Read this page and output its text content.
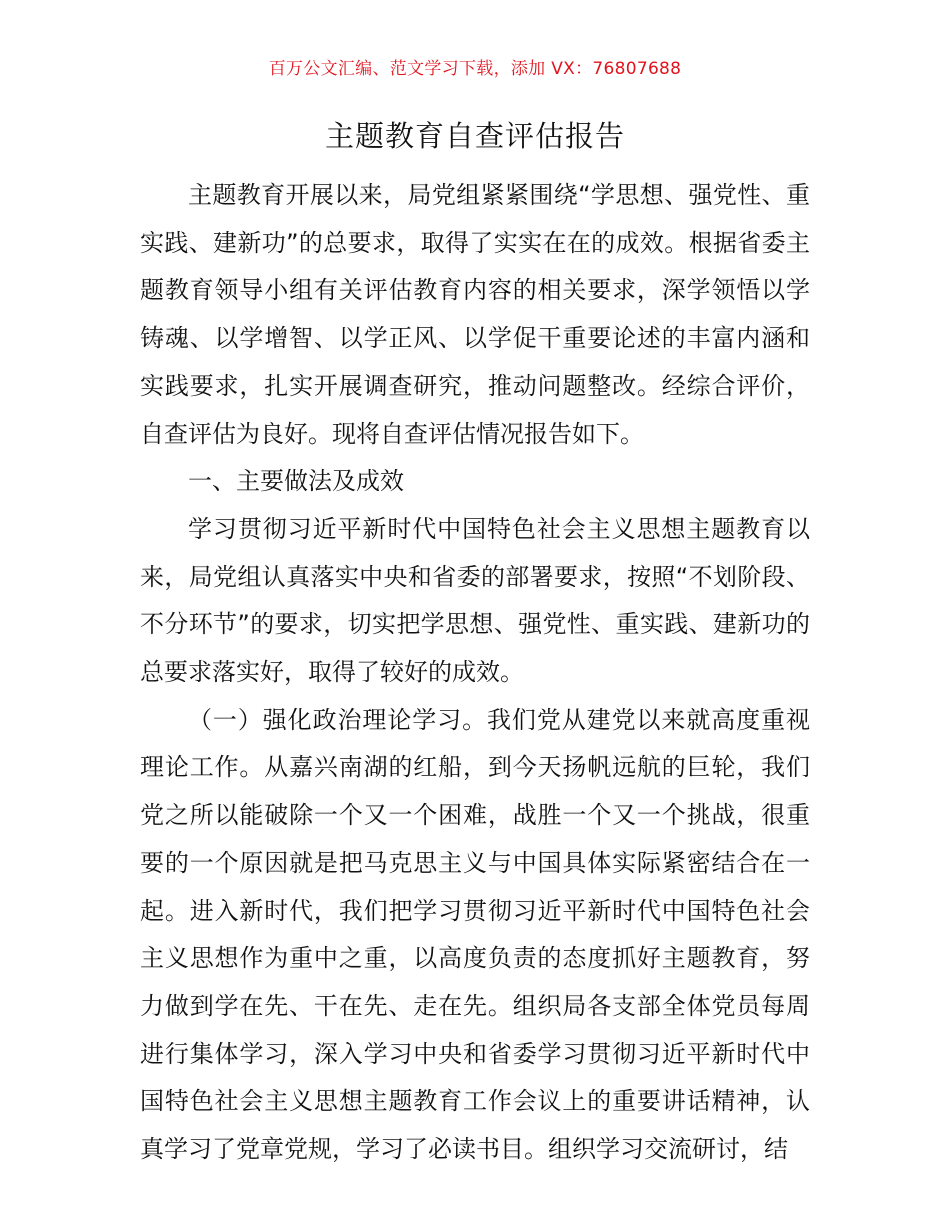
百万公文汇编、范文学习下载，添加 VX：76807688
主题教育自查评估报告

主题教育开展以来，局党组紧紧围绕“学思想、强党性、重实践、建新功”的总要求，取得了实实在在的成效。根据省委主题教育领导小组有关评估教育内容的相关要求，深学领悟以学铸魂、以学增智、以学正风、以学促干重要论述的丰富内涵和实践要求，扎实开展调查研究，推动问题整改。经综合评价，自查评估为良好。现将自查评估情况报告如下。

一、主要做法及成效

学习贯彻习近平新时代中国特色社会主义思想主题教育以来，局党组认真落实中央和省委的部署要求，按照“不划阶段、不分环节”的要求，切实把学思想、强党性、重实践、建新功的总要求落实好，取得了较好的成效。

（一）强化政治理论学习。我们党从建党以来就高度重视理论工作。从嘉兴南湖的红船，到今天扬帆远航的巨轮，我们党之所以能破除一个又一个困难，战胜一个又一个挑战，很重要的一个原因就是把马克思主义与中国具体实际紧密结合在一起。进入新时代，我们把学习贯彻习近平新时代中国特色社会主义思想作为重中之重，以高度负责的态度抓好主题教育，努力做到学在先、干在先、走在先。组织局各支部全体党员每周进行集体学习，深入学习中央和省委学习贯彻习近平新时代中国特色社会主义思想主题教育工作会议上的重要讲话精神，认真学习了党章党规，学习了必读书目。组织学习交流研讨，结
